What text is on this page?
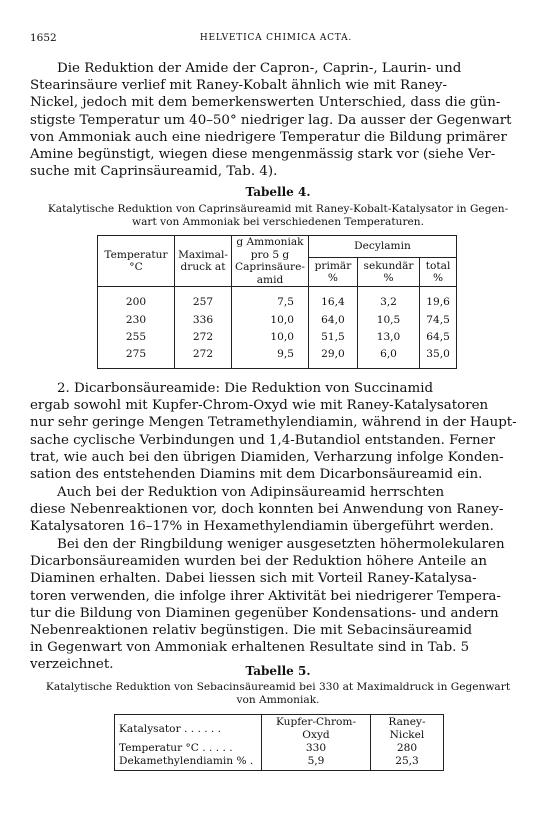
1652	HELVETICA CHIMICA ACTA.
Die Reduktion der Amide der Capron-, Caprin-, Laurin- und
Stearinsäure verlief mit Raney-Kobalt ähnlich wie mit Raney-
Nickel, jedoch mit dem bemerkenswerten Unterschied, dass die gün-
stigste Temperatur um 40–50° niedriger lag. Da ausser der Gegenwart
von Ammoniak auch eine niedrigere Temperatur die Bildung primärer
Amine begünstigt, wiegen diese mengenmässig stark vor (siehe Ver-
suche mit Caprinsäureamid, Tab. 4).
Tabelle 4.
Katalytische Reduktion von Caprinsäureamid mit Raney-Kobalt-Katalysator in Gegen-
wart von Ammoniak bei verschiedenen Temperaturen.
Temperatur °C	Maximal- druck at	g Ammoniak pro 5 g Caprinsäure- amid	Decylamin		
			primär %	sekundär %	total %
200	257	7,5	16,4	3,2	19,6
230	336	10,0	64,0	10,5	74,5
255	272	10,0	51,5	13,0	64,5
275	272	9,5	29,0	6,0	35,0
2. Dicarbonsäureamide: Die Reduktion von Succinamid
ergab sowohl mit Kupfer-Chrom-Oxyd wie mit Raney-Katalysatoren
nur sehr geringe Mengen Tetramethylendiamin, während in der Haupt-
sache cyclische Verbindungen und 1,4-Butandiol entstanden. Ferner
trat, wie auch bei den übrigen Diamiden, Verharzung infolge Konden-
sation des entstehenden Diamins mit dem Dicarbonsäureamid ein.
Auch bei der Reduktion von Adipinsäureamid herrschten
diese Nebenreaktionen vor, doch konnten bei Anwendung von Raney-
Katalysatoren 16–17% in Hexamethylendiamin übergeführt werden.
Bei den der Ringbildung weniger ausgesetzten höhermolekularen
Dicarbonsäureamiden wurden bei der Reduktion höhere Anteile an
Diaminen erhalten. Dabei liessen sich mit Vorteil Raney-Katalysa-
toren verwenden, die infolge ihrer Aktivität bei niedrigerer Tempera-
tur die Bildung von Diaminen gegenüber Kondensations- und andern
Nebenreaktionen relativ begünstigen. Die mit Sebacinsäureamid
in Gegenwart von Ammoniak erhaltenen Resultate sind in Tab. 5
verzeichnet.	Tabelle 5.
Katalytische Reduktion von Sebacinsäureamid bei 330 at Maximaldruck in Gegenwart
von Ammoniak.
Katalysator . . . . . .	Kupfer-Chrom-Oxyd	Raney-Nickel
Temperatur °C . . . . .	330	280
Dekamethylendiamin % .	5,9	25,3
